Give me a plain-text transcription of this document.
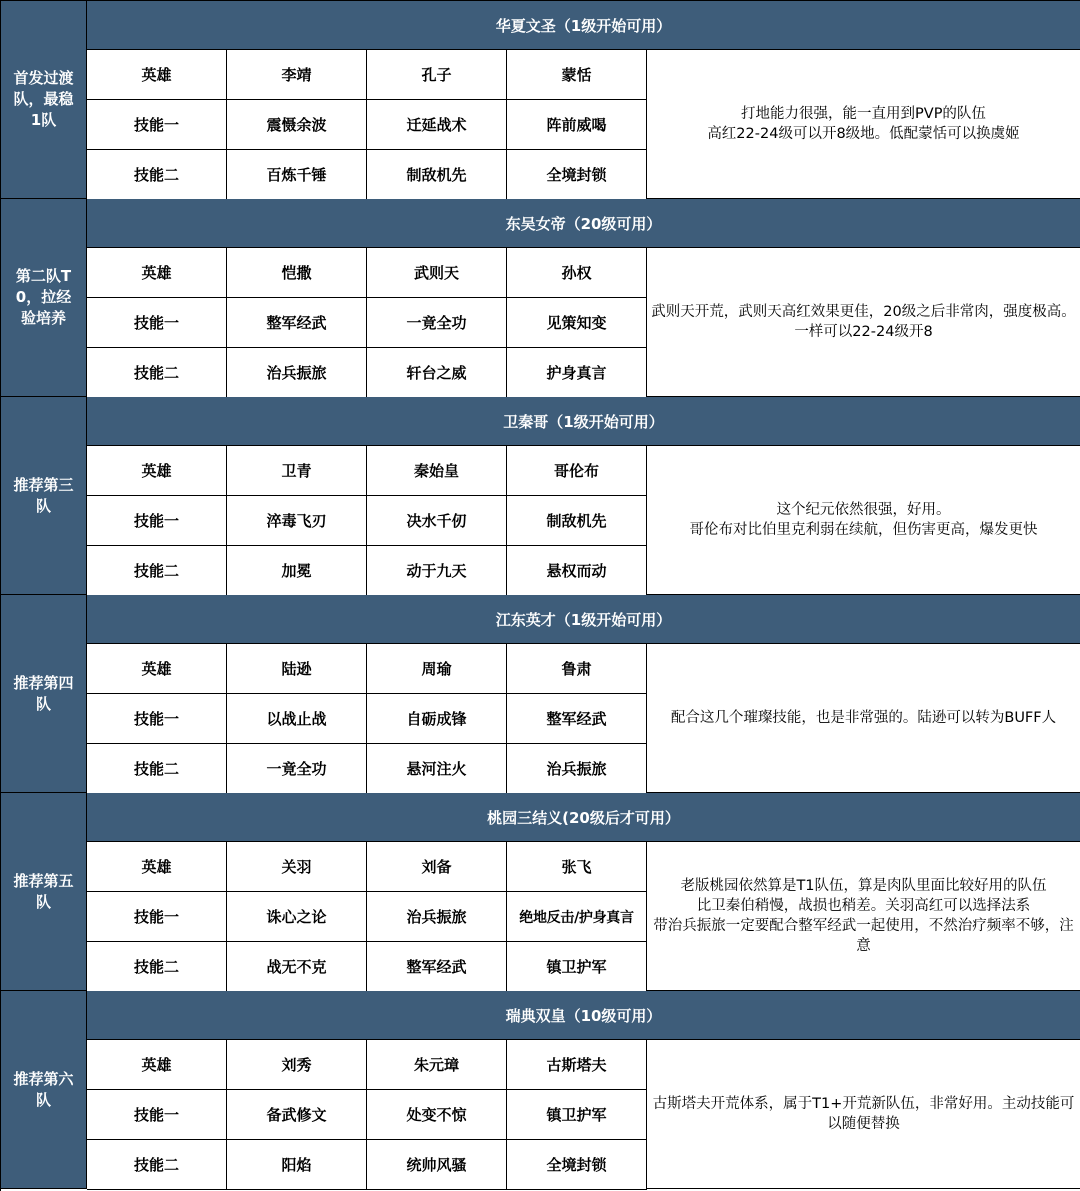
首发过渡队，最稳1队
华夏文圣（1级开始可用）
英雄	李靖	孔子	蒙恬
技能一	震慑余波	迁延战术	阵前威喝
技能二	百炼千锤	制敌机先	全境封锁
打地能力很强，能一直用到PVP的队伍
高红22-24级可以开8级地。低配蒙恬可以换虞姬
第二队T0，拉经验培养
东吴女帝（20级可用）
英雄	恺撒	武则天	孙权
技能一	整军经武	一竟全功	见策知变
技能二	治兵振旅	轩台之威	护身真言
武则天开荒，武则天高红效果更佳，20级之后非常肉，强度极高。一样可以22-24级开8
推荐第三队
卫秦哥（1级开始可用）
英雄	卫青	秦始皇	哥伦布
技能一	淬毒飞刃	决水千仞	制敌机先
技能二	加冕	动于九天	悬权而动
这个纪元依然很强，好用。
哥伦布对比伯里克利弱在续航，但伤害更高，爆发更快
推荐第四队
江东英才（1级开始可用）
英雄	陆逊	周瑜	鲁肃
技能一	以战止战	自砺成锋	整军经武
技能二	一竟全功	悬河注火	治兵振旅
配合这几个璀璨技能，也是非常强的。陆逊可以转为BUFF人
推荐第五队
桃园三结义(20级后才可用）
英雄	关羽	刘备	张飞
技能一	诛心之论	治兵振旅	绝地反击/护身真言
技能二	战无不克	整军经武	镇卫护军
老版桃园依然算是T1队伍，算是肉队里面比较好用的队伍
比卫秦伯稍慢，战损也稍差。关羽高红可以选择法系
带治兵振旅一定要配合整军经武一起使用，不然治疗频率不够，注意
推荐第六队
瑞典双皇（10级可用）
英雄	刘秀	朱元璋	古斯塔夫
技能一	备武修文	处变不惊	镇卫护军
技能二	阳焰	统帅风骚	全境封锁
古斯塔夫开荒体系，属于T1+开荒新队伍，非常好用。主动技能可以随便替换
